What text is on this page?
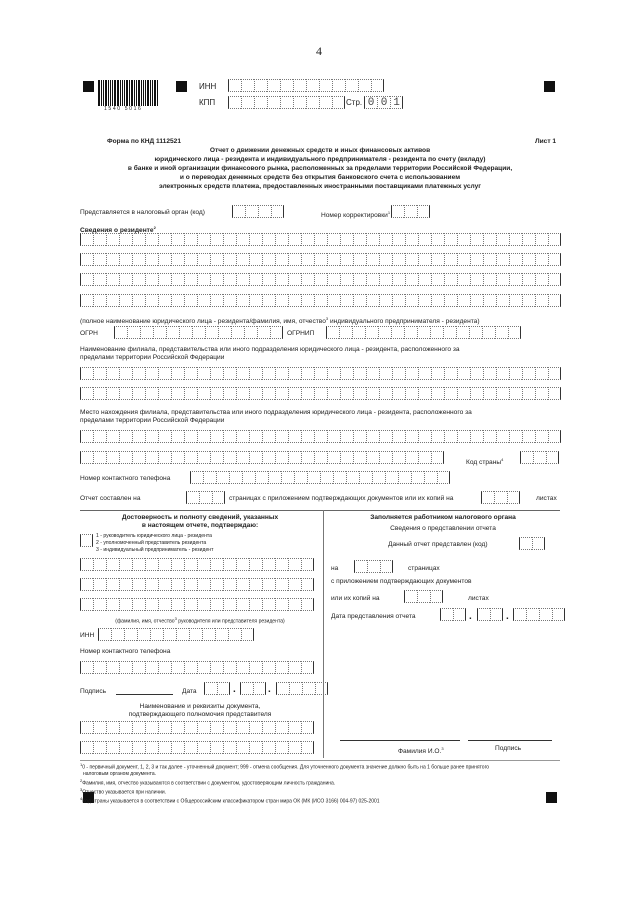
4
1540 5016
ИНН
КПП	Стр. 0 0 1
Форма по КНД 1112521	Лист 1
Отчет о движении денежных средств и иных финансовых активов
юридического лица - резидента и индивидуального предпринимателя - резидента по счету (вкладу)
в банке и иной организации финансового рынка, расположенных за пределами территории Российской Федерации,
и о переводах денежных средств без открытия банковского счета с использованием
электронных средств платежа, предоставленных иностранными поставщиками платежных услуг
Представляется в налоговый орган (код)	Номер корректировки$^1$
Сведения о резиденте$^2$
(полное наименование юридического лица - резидента/фамилия, имя, отчество$^3$ индивидуального предпринимателя - резидента)
ОГРН	ОГРНИП
Наименование филиала, представительства или иного подразделения юридического лица - резидента, расположенного за
пределами территории Российской Федерации
Место нахождения филиала, представительства или иного подразделения юридического лица - резидента, расположенного за
пределами территории Российской Федерации
Код страны$^4$
Номер контактного телефона
Отчет составлен на	страницах с приложением подтверждающих документов или их копий на	листах
Достоверность и полноту сведений, указанных
в настоящем отчете, подтверждаю:
1 - руководитель юридического лица - резидента
2 - уполномоченный представитель резидента
3 - индивидуальный предприниматель - резидент
(фамилия, имя, отчество$^3$ руководителя или представителя резидента)
ИНН
Номер контактного телефона
Подпись	Дата	.	.
Наименование и реквизиты документа,
подтверждающего полномочия представителя
Заполняется работником налогового органа
Сведения о представлении отчета
Данный отчет представлен (код)
на	страницах
с приложением подтверждающих документов
или их копий на	листах
Дата представления отчета	.	.
Фамилия И.О.$^3$	Подпись
$^1$0 - первичный документ, 1, 2, 3 и так далее - уточненный документ; 999 - отмена сообщения. Для уточненного документа значение должно быть на 1 больше ранее принятого
налоговым органом документа.
$^2$Фамилия, имя, отчество указываются в соответствии с документом, удостоверяющим личность гражданина.
$^3$Отчество указывается при наличии.
$^4$Код страны указывается в соответствии с Общероссийским классификатором стран мира ОК (МК (ИСО 3166) 004-97) 025-2001
